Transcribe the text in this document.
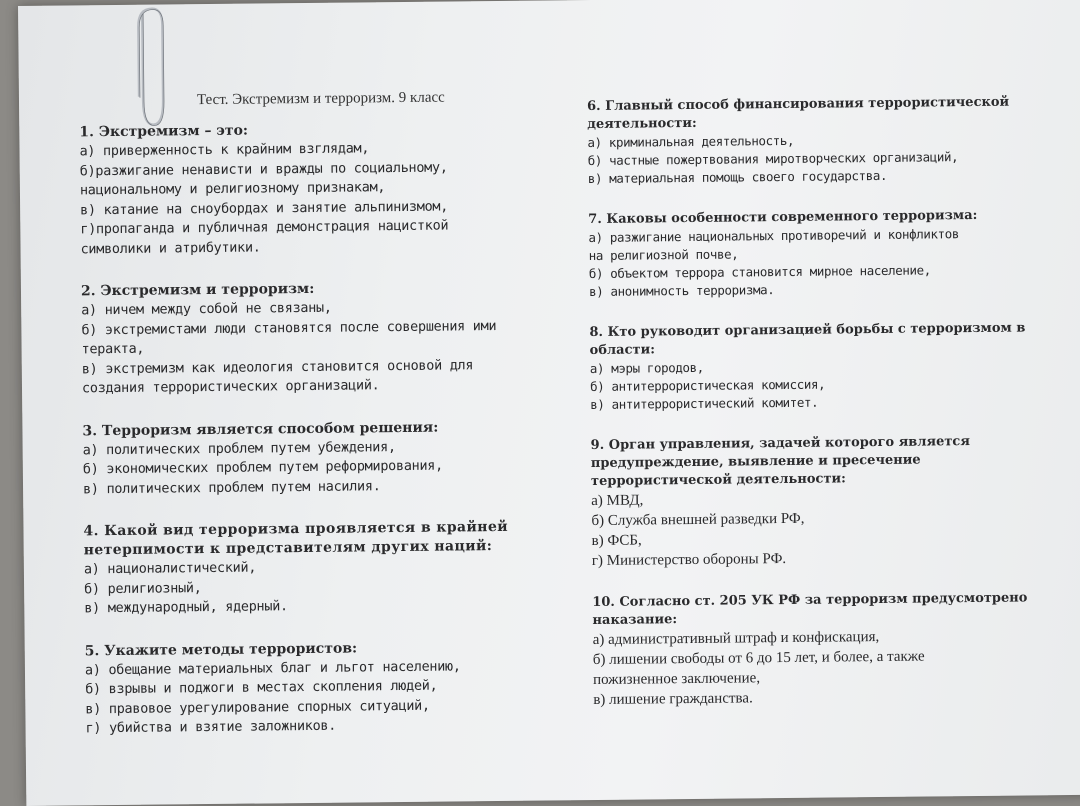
Тест. Экстремизм и терроризм. 9 класс

1. Экстремизм – это:

а) приверженность к крайним взглядам,

б)разжигание ненависти и вражды по социальному,

национальному и религиозному признакам,

в) катание на сноубордах и занятие альпинизмом,

г)пропаганда и публичная демонстрация нацисткой

символики и атрибутики.

2. Экстремизм и терроризм:

а) ничем между собой не связаны,

б) экстремистами люди становятся после совершения ими

теракта,

в) экстремизм как идеология становится основой для

создания террористических организаций.

3. Терроризм является способом решения:

а) политических проблем путем убеждения,

б) экономических проблем путем реформирования,

в) политических проблем путем насилия.

4. Какой вид терроризма проявляется в крайней

нетерпимости к представителям других наций:

а) националистический,

б) религиозный,

в) международный, ядерный.

5. Укажите методы террористов:

а) обещание материальных благ и льгот населению,

б) взрывы и поджоги в местах скопления людей,

в) правовое урегулирование спорных ситуаций,

г) убийства и взятие заложников.

6. Главный способ финансирования террористической

деятельности:

а) криминальная деятельность,

б) частные пожертвования миротворческих организаций,

в) материальная помощь своего государства.

7. Каковы особенности современного терроризма:

а) разжигание национальных противоречий и конфликтов

на религиозной почве,

б) объектом террора становится мирное население,

в) анонимность терроризма.

8. Кто руководит организацией борьбы с терроризмом в

области:

а) мэры городов,

б) антитеррористическая комиссия,

в) антитеррористический комитет.

9. Орган управления, задачей которого является

предупреждение, выявление и пресечение

террористической деятельности:

а) МВД,

б) Служба внешней разведки РФ,

в) ФСБ,

г) Министерство обороны РФ.

10. Согласно ст. 205 УК РФ за терроризм предусмотрено

наказание:

а) административный штраф и конфискация,

б) лишении свободы от 6 до 15 лет, и более, а также

пожизненное заключение,

в) лишение гражданства.
